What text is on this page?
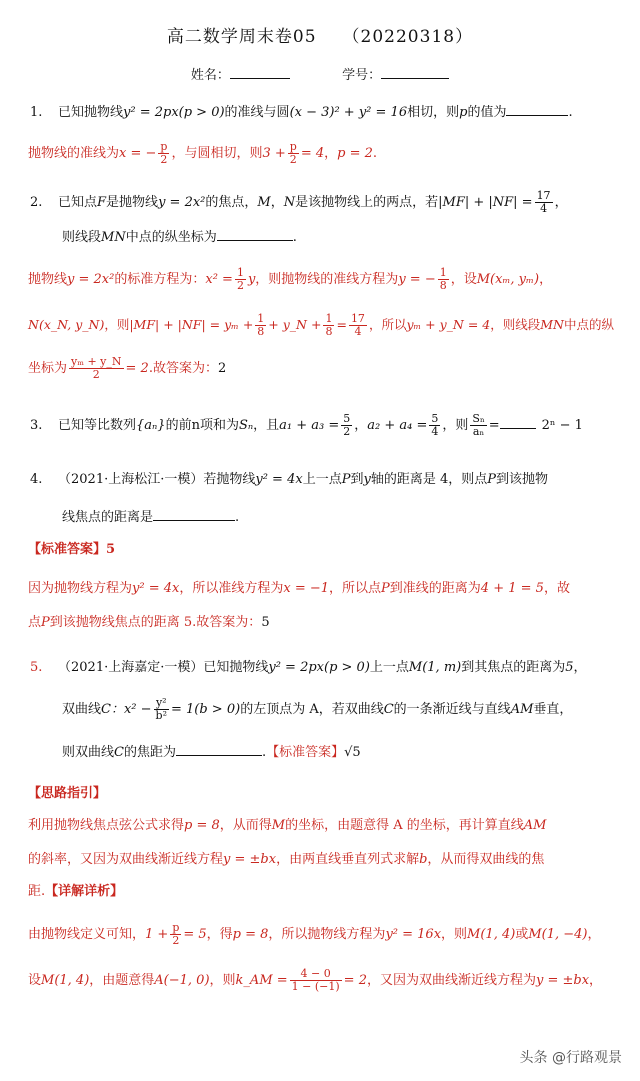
高二数学周末卷05 （20220318）
姓名：	学号：
1. 已知抛物线y² = 2px(p > 0)的准线与圆(x − 3)² + y² = 16相切，则p的值为	.
抛物线的准线为x = − $\frac{p}{2}$ ，与圆相切，则$3 + \frac{p}{2} = 4$，p = 2.
2. 已知点F是抛物线y = 2x²的焦点，M，N是该抛物线上的两点，若$|MF| + |NF| = \frac{17}{4}$ ，
则线段MN中点的纵坐标为	.
抛物线y = 2x²的标准方程为：$x^2 = \frac{1}{2}$ y，则抛物线的准线方程为y = − $\frac{1}{8}$ ，设M(xₘ, yₘ)，
N(x_N, y_N)，则$|MF| + |NF| = y_m + \frac{1}{8}$ + y_N + $\frac{1}{8} = \frac{17}{4}$ ，所以yₘ + y_N = 4，则线段MN中点的纵
坐标为 $\frac{\text{yₘ + y\_N}}{2} = 2$.故答案为：2
3. 已知等比数列{aₙ}的前n项和为Sₙ，且$a_1 + a_3 = \frac{5}{2}$ ，$a_2 + a_4 = \frac{5}{4}$ ，则 $\frac{\text{Sₙ}}{\text{aₙ}}$ =	2ⁿ − 1
4. （2021·上海松江·一模）若抛物线y² = 4x上一点P到y轴的距离是 4，则点P到该抛物
线焦点的距离是	.
【标准答案】5
因为抛物线方程为y² = 4x，所以准线方程为x = −1，所以点P到准线的距离为4 + 1 = 5，故
点P到该抛物线焦点的距离 5.故答案为：5
5. （2021·上海嘉定·一模）已知抛物线y² = 2px(p > 0)上一点M(1, m)到其焦点的距离为5，
双曲线C：$x^2 - \frac{\text{y²}}{\text{b²}} = 1(b > 0)$的左顶点为 A，若双曲线C的一条渐近线与直线AM垂直，
则双曲线C的焦距为	.【标准答案】√5
【思路指引】
利用抛物线焦点弦公式求得p = 8，从而得M的坐标，由题意得 A 的坐标，再计算直线AM
的斜率，又因为双曲线渐近线方程y = ±bx，由两直线垂直列式求解b，从而得双曲线的焦
距.【详解详析】
由抛物线定义可知，$1 + \frac{p}{2} = 5$，得p = 8，所以抛物线方程为y² = 16x，则M(1, 4)或M(1, −4)，
设M(1, 4)，由题意得A(−1, 0)，则k_AM = $\frac{4 - 0}{1 - (-1)} = 2$，又因为双曲线渐近线方程为y = ±bx，
头条 @行路观景
